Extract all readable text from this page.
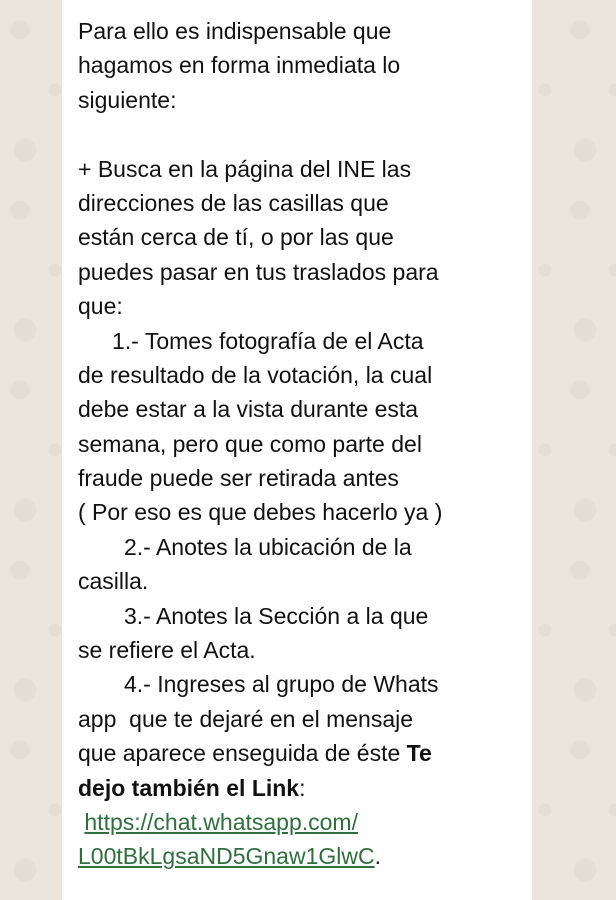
Para ello es indispensable que
hagamos en forma inmediata lo
siguiente:
+ Busca en la página del INE las
direcciones de las casillas que
están cerca de tí, o por las que
puedes pasar en tus traslados para
que:
1.- Tomes fotografía de el Acta
de resultado de la votación, la cual
debe estar a la vista durante esta
semana, pero que como parte del
fraude puede ser retirada antes
( Por eso es que debes hacerlo ya )
2.- Anotes la ubicación de la
casilla.
3.- Anotes la Sección a la que
se refiere el Acta.
4.- Ingreses al grupo de Whats
app  que te dejaré en el mensaje
que aparece enseguida de éste Te
dejo también el Link:
https://chat.whatsapp.com/
L00tBkLgsaND5Gnaw1GlwC.
